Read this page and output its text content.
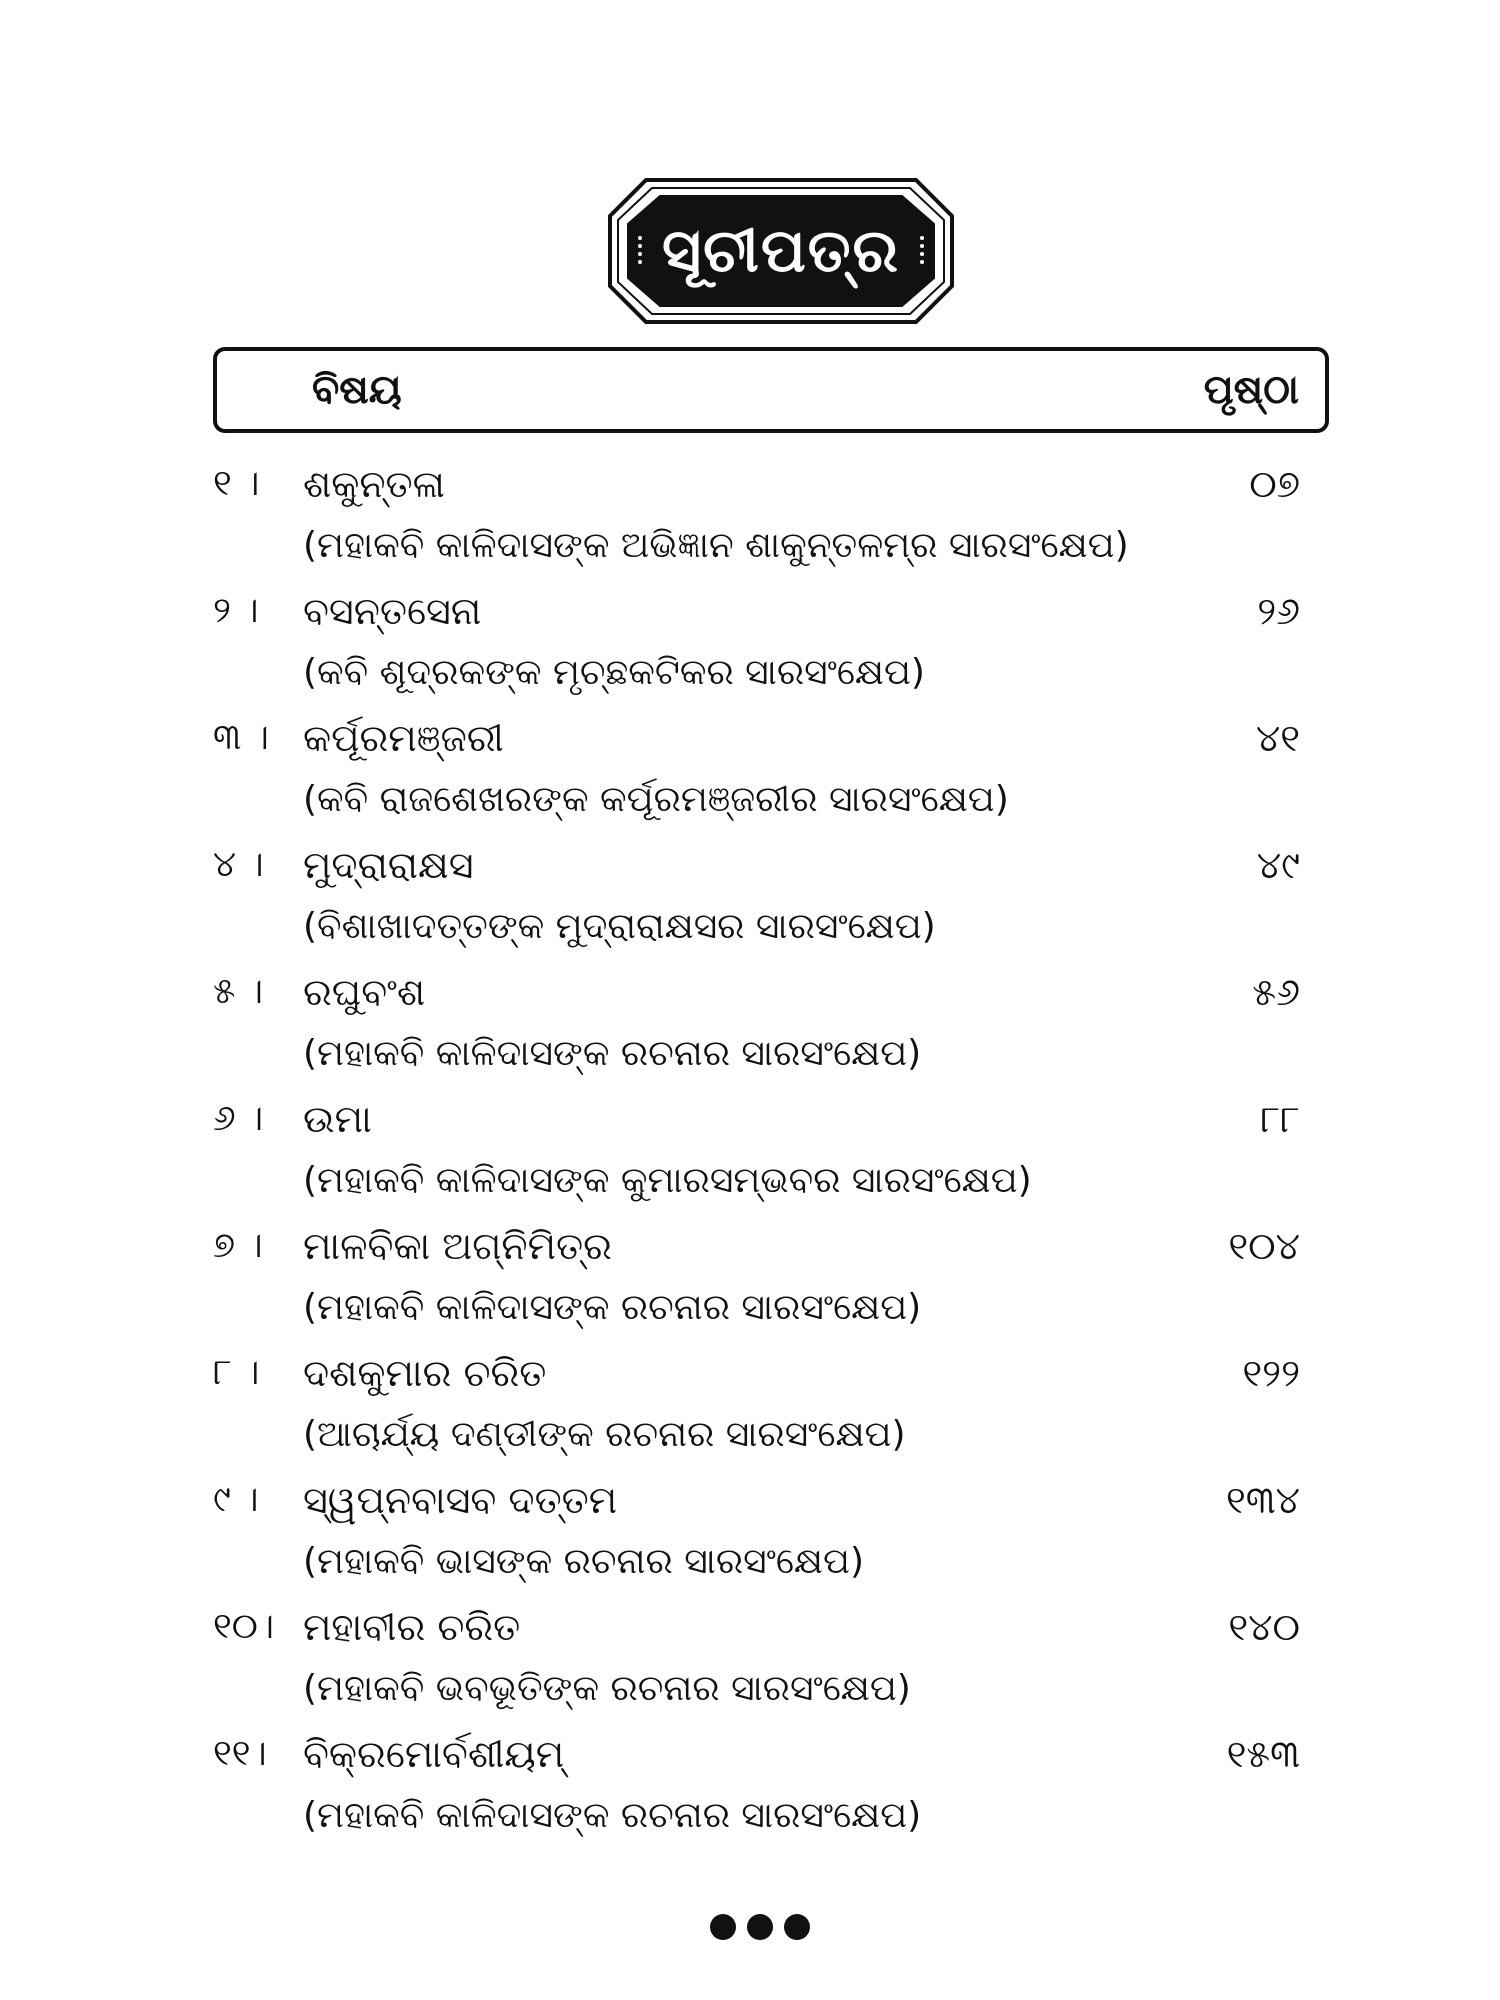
ସୂଚୀପତ୍ର
ବିଷୟ	ପୃଷ୍ଠା
୧ ।	ଶକୁନ୍ତଳା	୦୭
(ମହାକବି କାଳିଦାସଙ୍କ ଅଭିଜ୍ଞାନ ଶାକୁନ୍ତଳମ୍‌ର ସାରସଂକ୍ଷେପ)
୨ ।	ବସନ୍ତସେନା	୨୬
(କବି ଶୂଦ୍ରକଙ୍କ ମୃଚ୍ଛକଟିକର ସାରସଂକ୍ଷେପ)
୩ । କର୍ପୂରମଞ୍ଜରୀ	୪୧
(କବି ରାଜଶେଖରଙ୍କ କର୍ପୂରମଞ୍ଜରୀର ସାରସଂକ୍ଷେପ)
୪ ।	ମୁଦ୍ରାରାକ୍ଷସ	୪୯
(ବିଶାଖାଦତ୍ତଙ୍କ ମୁଦ୍ରାରାକ୍ଷସର ସାରସଂକ୍ଷେପ)
୫ ।	ରଘୁବଂଶ	୫୬
(ମହାକବି କାଳିଦାସଙ୍କ ରଚନାର ସାରସଂକ୍ଷେପ)
୬ ।	ଉମା	୮୮
(ମହାକବି କାଳିଦାସଙ୍କ କୁମାରସମ୍ଭବର ସାରସଂକ୍ଷେପ)
୭ ।	ମାଳବିକା ଅଗ୍ନିମିତ୍ର	୧୦୪
(ମହାକବି କାଳିଦାସଙ୍କ ରଚନାର ସାରସଂକ୍ଷେପ)
୮ ।	ଦଶକୁମାର ଚରିତ	୧୨୨
(ଆଚାର୍ଯ୍ୟ ଦଣ୍ଡୀଙ୍କ ରଚନାର ସାରସଂକ୍ଷେପ)
୯ ।	ସ୍ୱପ୍ନବାସବ ଦତ୍ତମ	୧୩୪
(ମହାକବି ଭାସଙ୍କ ରଚନାର ସାରସଂକ୍ଷେପ)
୧୦। ମହାବୀର ଚରିତ	୧୪୦
(ମହାକବି ଭବଭୂତିଙ୍କ ରଚନାର ସାରସଂକ୍ଷେପ)
୧୧। ବିକ୍ରମୋର୍ବଶୀୟମ୍‌	୧୫୩
(ମହାକବି କାଳିଦାସଙ୍କ ରଚନାର ସାରସଂକ୍ଷେପ)
